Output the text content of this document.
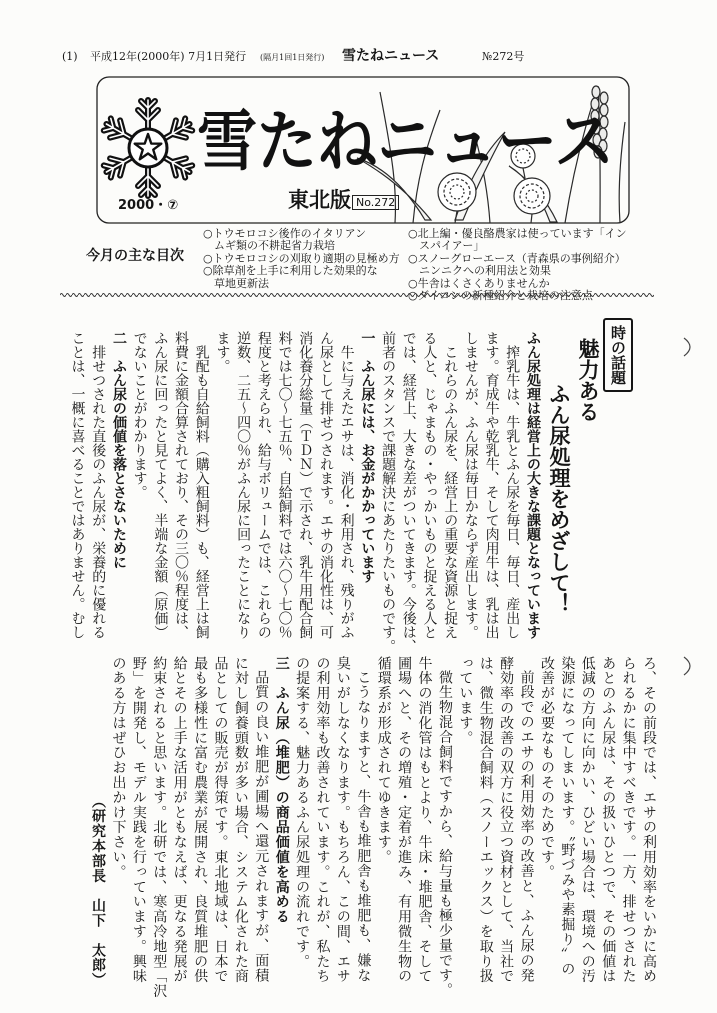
(1) 平成12年(2000年) 7月1日発行 (隔月1回1日発行) 雪たねニュース	№272号
雪たねニュース
2000・⑦	東北版 No.272
今月の主な目次
○トウモロコシ後作のイタリアン
ムギ類の不耕起省力栽培
○トウモロコシの刈取り適期の見極め方
○除草剤を上手に利用した効果的な
草地更新法
○北上編・優良酪農家は使っています「イン
スパイアー」
○スノーグローエース（青森県の事例紹介）
ニンニクへの利用法と効果
○牛舎はくさくありませんか
時の話題
魅力ある
ふん尿処理をめざして！
ふん尿処理は経営上の大きな課題となっています
搾乳牛は、牛乳とふん尿を毎日、毎日、産出し
ます。育成牛や乾乳牛、そして肉用牛は、乳は出
しませんが、ふん尿は毎日かならず産出します。
これらのふん尿を、経営上の重要な資源と捉え
る人と、じゃまもの・やっかいものと捉える人と
では、経営上、大きな差がついてきます。今後は、
前者のスタンスで課題解決にあたりたいものです。
一　ふん尿には、お金がかかっています
牛に与えたエサは、消化・利用され、残りがふ
ん尿として排せつされます。エサの消化性は、可
消化養分総量（ＴＤＮ）で示され、乳牛用配合飼
料では七〇～七五％、自給飼料では六〇～七〇％
程度と考えられ、給与ボリュームでは、これらの
逆数、二五～四〇％がふん尿に回ったことになり
ます。
乳配も自給飼料（購入粗飼料）も、経営上は飼
料費に金額合算されており、その三〇％程度は、
ふん尿に回ったと見てよく、半端な金額（原価）
でないことがわかります。
二　ふん尿の価値を落とさないために
排せつされた直後のふん尿が、栄養的に優れる
ことは、一概に喜べることではありません。むし
ろ、その前段では、エサの利用効率をいかに高め
られるかに集中すべきです。一方、排せつされた
あとのふん尿は、その扱いひとつで、その価値は
低減の方向に向かい、ひどい場合は、環境への汚
染源になってしまいます。〝野づみや素掘り〟の
改善が必要なものそのためです。
前段でのエサの利用効率の改善と、ふん尿の発
酵効率の改善の双方に役立つ資材として、当社で
は、微生物混合飼料（スノーエックス）を取り扱
っています。
微生物混合飼料ですから、給与量も極少量です。
牛体の消化管はもとより、牛床・堆肥舎、そして
圃場へと、その増殖・定着が進み、有用微生物の
循環系が形成されてゆきます。
こうなりますと、牛舎も堆肥舎も堆肥も、嫌な
臭いがしなくなります。もちろん、この間、エサ
の利用効率も改善されています。これが、私たち
の提案する、魅力あるふん尿処理の流れです。
三　ふん尿（堆肥）の商品価値を高める
品質の良い堆肥が圃場へ還元されますが、面積
に対し飼養頭数が多い場合、システム化された商
品としての販売が得策です。東北地域は、日本で
最も多様性に富む農業が展開され、良質堆肥の供
給とその上手な活用がともなえば、更なる発展が
約束されると思います。北研では、寒高冷地型「沢
野」を開発し、モデル実践を行っています。興味
のある方はぜひお出かけ下さい。
（研究本部長　山下　太郎）
